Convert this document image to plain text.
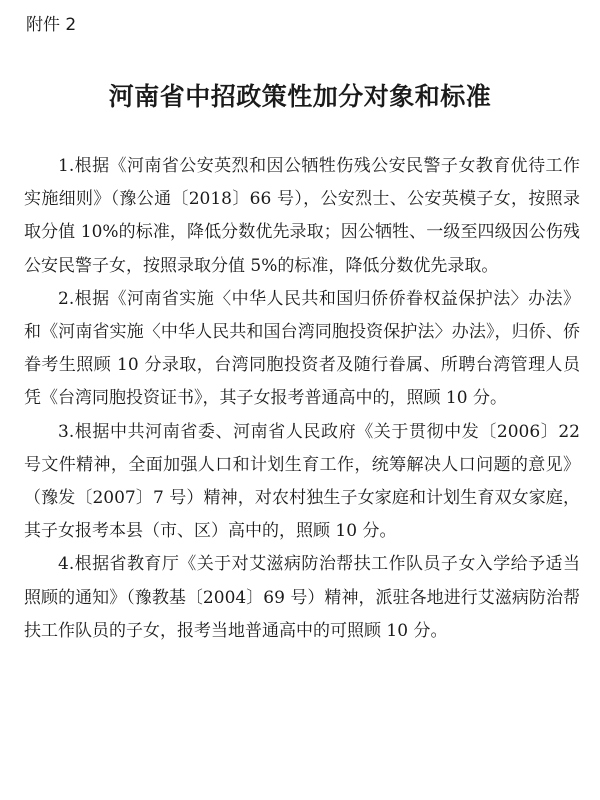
附件 2
河南省中招政策性加分对象和标准

1.根据《河南省公安英烈和因公牺牲伤残公安民警子女教育优待工作实施细则》（豫公通〔2018〕66 号），公安烈士、公安英模子女，按照录取分值 10%的标准，降低分数优先录取；因公牺牲、一级至四级因公伤残公安民警子女，按照录取分值 5%的标准，降低分数优先录取。

2.根据《河南省实施〈中华人民共和国归侨侨眷权益保护法〉办法》和《河南省实施〈中华人民共和国台湾同胞投资保护法〉办法》，归侨、侨眷考生照顾 10 分录取，台湾同胞投资者及随行眷属、所聘台湾管理人员凭《台湾同胞投资证书》，其子女报考普通高中的，照顾 10 分。

3.根据中共河南省委、河南省人民政府《关于贯彻中发〔2006〕22 号文件精神，全面加强人口和计划生育工作，统筹解决人口问题的意见》（豫发〔2007〕7 号）精神，对农村独生子女家庭和计划生育双女家庭，其子女报考本县（市、区）高中的，照顾 10 分。

4.根据省教育厅《关于对艾滋病防治帮扶工作队员子女入学给予适当照顾的通知》（豫教基〔2004〕69 号）精神，派驻各地进行艾滋病防治帮扶工作队员的子女，报考当地普通高中的可照顾 10 分。
